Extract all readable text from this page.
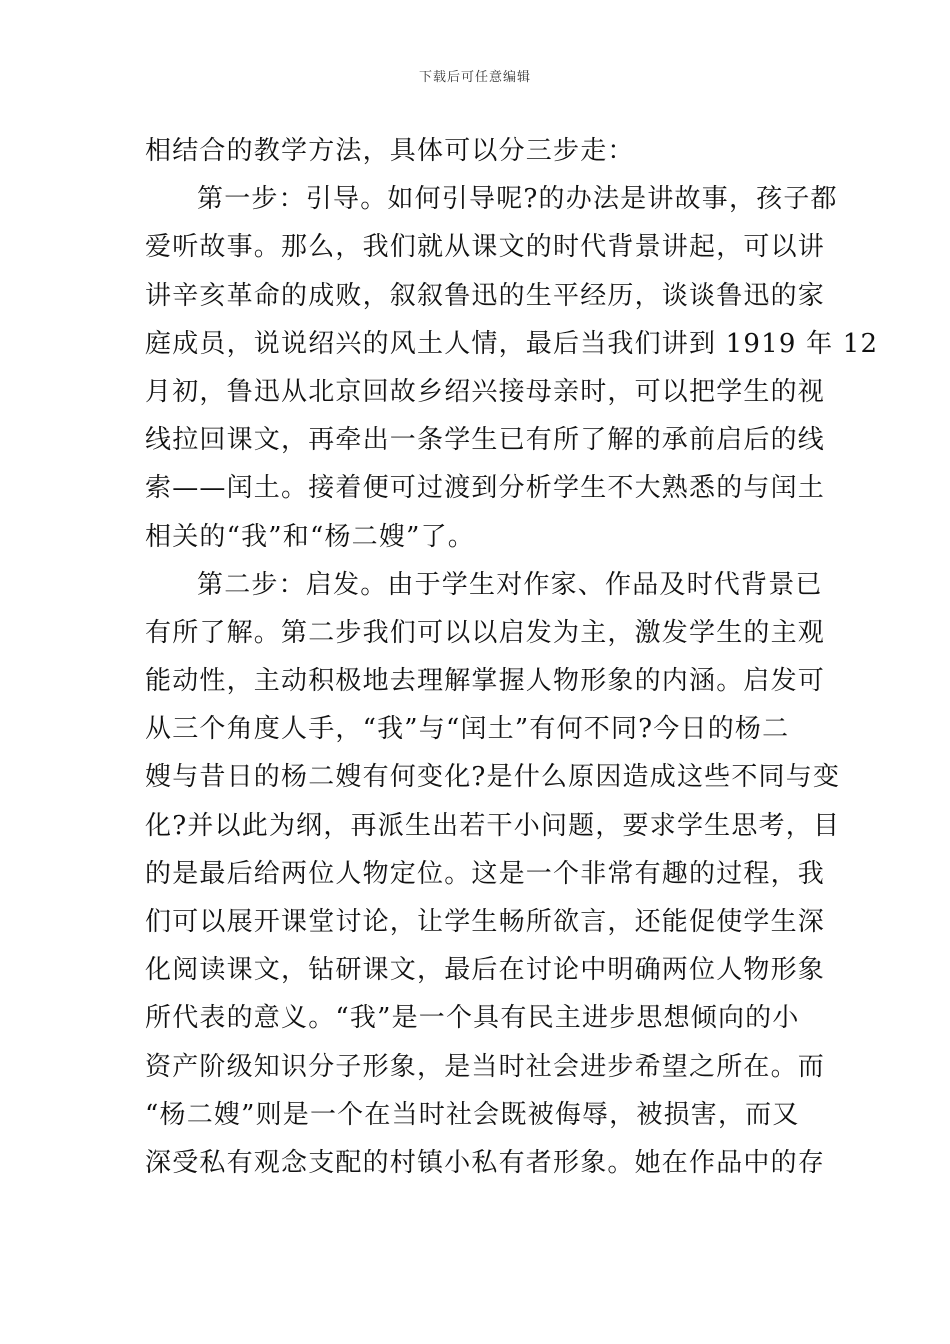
下载后可任意编辑
相结合的教学方法，具体可以分三步走：
第一步：引导。如何引导呢?的办法是讲故事，孩子都
爱听故事。那么，我们就从课文的时代背景讲起，可以讲
讲辛亥革命的成败，叙叙鲁迅的生平经历，谈谈鲁迅的家
庭成员，说说绍兴的风土人情，最后当我们讲到 1919 年 12
月初，鲁迅从北京回故乡绍兴接母亲时，可以把学生的视
线拉回课文，再牵出一条学生已有所了解的承前启后的线
索——闰土。接着便可过渡到分析学生不大熟悉的与闰土
相关的“我”和“杨二嫂”了。
第二步：启发。由于学生对作家、作品及时代背景已
有所了解。第二步我们可以以启发为主，激发学生的主观
能动性，主动积极地去理解掌握人物形象的内涵。启发可
从三个角度人手，“我”与“闰土”有何不同?今日的杨二
嫂与昔日的杨二嫂有何变化?是什么原因造成这些不同与变
化?并以此为纲，再派生出若干小问题，要求学生思考，目
的是最后给两位人物定位。这是一个非常有趣的过程，我
们可以展开课堂讨论，让学生畅所欲言，还能促使学生深
化阅读课文，钻研课文，最后在讨论中明确两位人物形象
所代表的意义。“我”是一个具有民主进步思想倾向的小
资产阶级知识分子形象，是当时社会进步希望之所在。而
“杨二嫂”则是一个在当时社会既被侮辱，被损害，而又
深受私有观念支配的村镇小私有者形象。她在作品中的存
